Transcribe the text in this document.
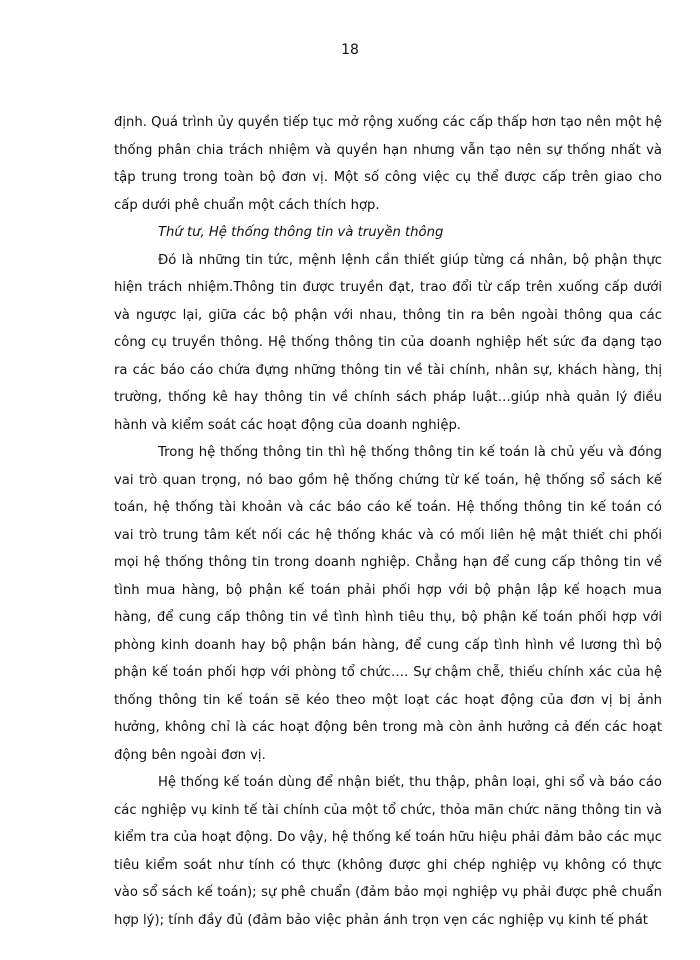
18

định. Quá trình ủy quyền tiếp tục mở rộng xuống các cấp thấp hơn tạo nên một hệ thống phân chia trách nhiệm và quyền hạn nhưng vẫn tạo nên sự thống nhất và tập trung trong toàn bộ đơn vị. Một số công việc cụ thể được cấp trên giao cho cấp dưới phê chuẩn một cách thích hợp.

Thứ tư, Hệ thống thông tin và truyền thông

Đó là những tin tức, mệnh lệnh cần thiết giúp từng cá nhân, bộ phận thực hiện trách nhiệm.Thông tin được truyền đạt, trao đổi từ cấp trên xuống cấp dưới và ngược lại, giữa các bộ phận với nhau, thông tin ra bên ngoài thông qua các công cụ truyền thông. Hệ thống thông tin của doanh nghiệp hết sức đa dạng tạo ra các báo cáo chứa đựng những thông tin về tài chính, nhân sự, khách hàng, thị trường, thống kê hay thông tin về chính sách pháp luật…giúp nhà quản lý điều hành và kiểm soát các hoạt động của doanh nghiệp.

Trong hệ thống thông tin thì hệ thống thông tin kế toán là chủ yếu và đóng vai trò quan trọng, nó bao gồm hệ thống chứng từ kế toán, hệ thống sổ sách kế toán, hệ thống tài khoản và các báo cáo kế toán. Hệ thống thông tin kế toán có vai trò trung tâm kết nối các hệ thống khác và có mối liên hệ mật thiết chi phối mọi hệ thống thông tin trong doanh nghiệp. Chẳng hạn để cung cấp thông tin về tình mua hàng, bộ phận kế toán phải phối hợp với bộ phận lập kế hoạch mua hàng, để cung cấp thông tin về tình hình tiêu thụ, bộ phận kế toán phối hợp với phòng kinh doanh hay bộ phận bán hàng, để cung cấp tình hình về lương thì bộ phận kế toán phối hợp với phòng tổ chức…. Sự chậm chễ, thiếu chính xác của hệ thống thông tin kế toán sẽ kéo theo một loạt các hoạt động của đơn vị bị ảnh hưởng, không chỉ là các hoạt động bên trong mà còn ảnh hưởng cả đến các hoạt động bên ngoài đơn vị.

Hệ thống kế toán dùng để nhận biết, thu thập, phân loại, ghi sổ và báo cáo các nghiệp vụ kinh tế tài chính của một tổ chức, thỏa mãn chức năng thông tin và kiểm tra của hoạt động. Do vậy, hệ thống kế toán hữu hiệu phải đảm bảo các mục tiêu kiểm soát như tính có thực (không được ghi chép nghiệp vụ không có thực vào sổ sách kế toán); sự phê chuẩn (đảm bảo mọi nghiệp vụ phải được phê chuẩn hợp lý); tính đầy đủ (đảm bảo việc phản ánh trọn vẹn các nghiệp vụ kinh tế phát
